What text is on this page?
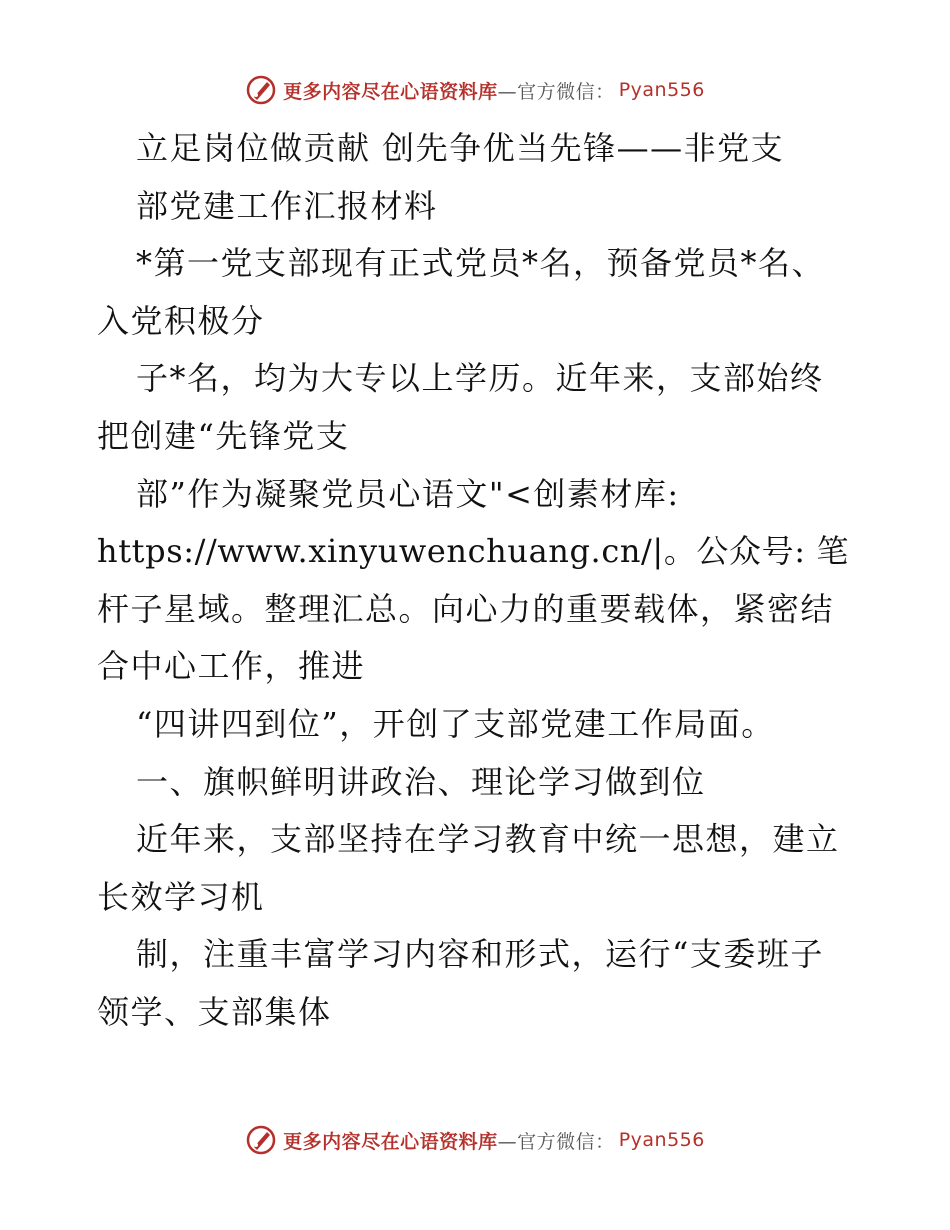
更多内容尽在心语资料库 —官方微信： Pyan556
立足岗位做贡献 创先争优当先锋——非党支
部党建工作汇报材料
*第一党支部现有正式党员*名，预备党员*名、
入党积极分
子*名，均为大专以上学历。近年来，支部始终
把创建“先锋党支
部”作为凝聚党员心语文"<创素材库:
https://www.xinyuwenchuang.cn/|。公众号: 笔
杆子星域。整理汇总。向心力的重要载体，紧密结
合中心工作，推进
“四讲四到位”，开创了支部党建工作局面。
一、旗帜鲜明讲政治、理论学习做到位
近年来，支部坚持在学习教育中统一思想，建立
长效学习机
制，注重丰富学习内容和形式，运行“支委班子
领学、支部集体
更多内容尽在心语资料库 —官方微信： Pyan556
